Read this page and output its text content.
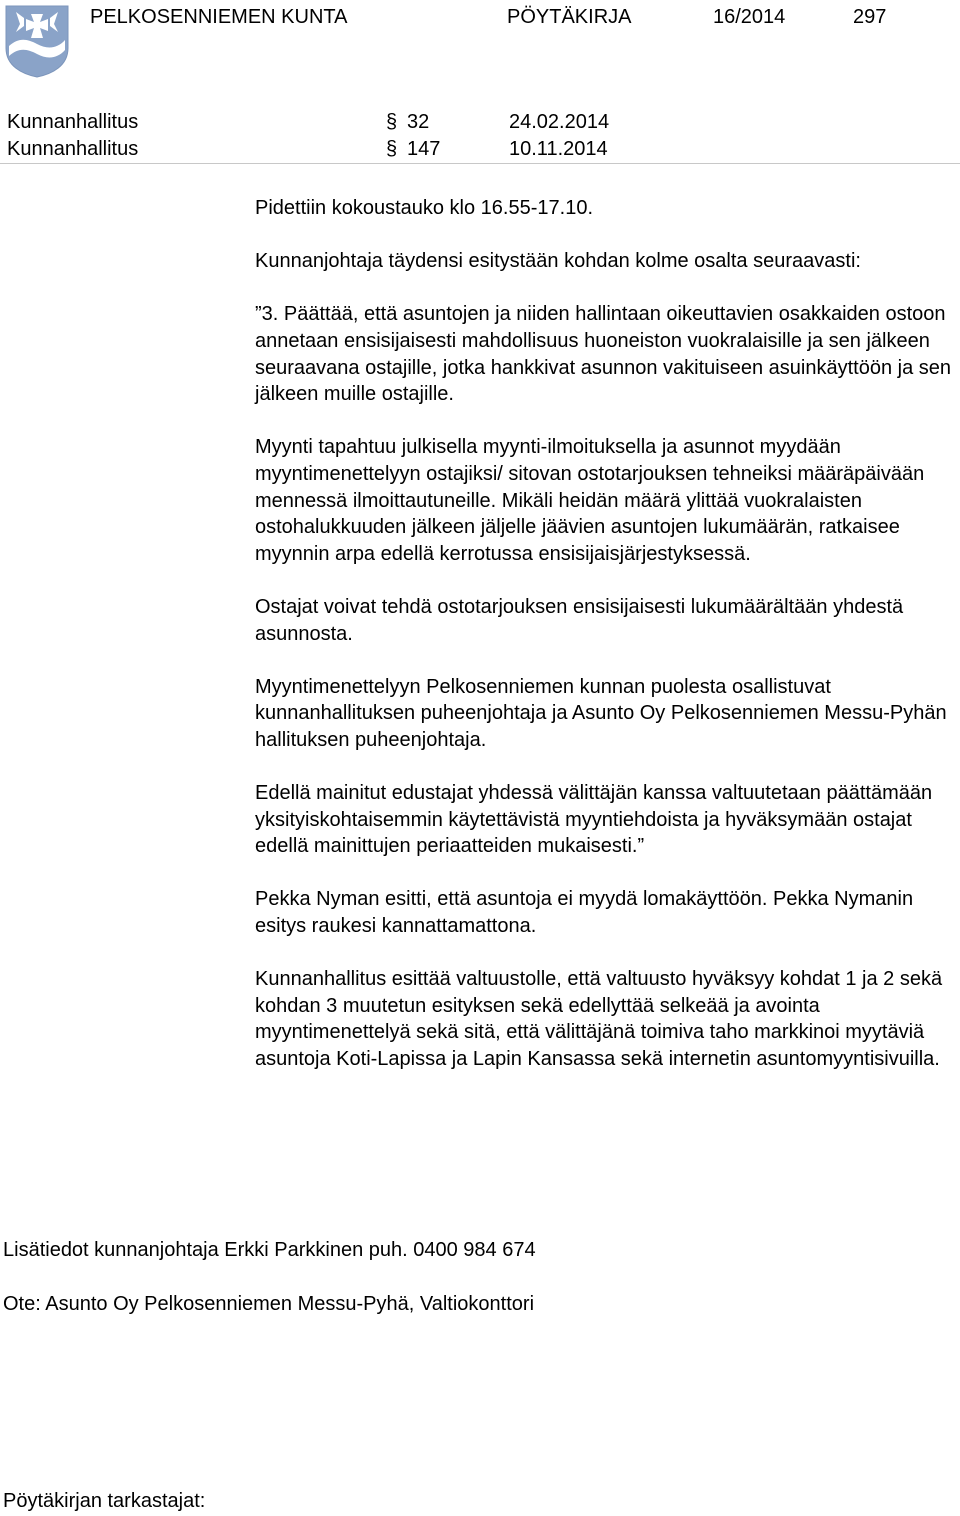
PELKOSENNIEMEN KUNTA	PÖYTÄKIRJA	16/2014	297
Kunnanhallitus	§ 32	24.02.2014
Kunnanhallitus	§ 147	10.11.2014

Pidettiin kokoustauko klo 16.55-17.10.

Kunnanjohtaja täydensi esitystään kohdan kolme osalta seuraavasti:

”3. Päättää, että asuntojen ja niiden hallintaan oikeuttavien osakkaiden ostoon annetaan ensisijaisesti mahdollisuus huoneiston vuokralaisille ja sen jälkeen seuraavana ostajille, jotka hankkivat asunnon vakituiseen asuinkäyttöön ja sen jälkeen muille ostajille.

Myynti tapahtuu julkisella myynti-ilmoituksella ja asunnot myydään myyntimenettelyyn ostajiksi/ sitovan ostotarjouksen tehneiksi määräpäivään mennessä ilmoittautuneille. Mikäli heidän määrä ylittää vuokralaisten ostohalukkuuden jälkeen jäljelle jäävien asuntojen lukumäärän, ratkaisee myynnin arpa edellä kerrotussa ensisijaisjärjestyksessä.

Ostajat voivat tehdä ostotarjouksen ensisijaisesti lukumäärältään yhdestä asunnosta.

Myyntimenettelyyn Pelkosenniemen kunnan puolesta osallistuvat kunnanhallituksen puheenjohtaja ja Asunto Oy Pelkosenniemen Messu-Pyhän hallituksen puheenjohtaja.

Edellä mainitut edustajat yhdessä välittäjän kanssa valtuutetaan päättämään yksityiskohtaisemmin käytettävistä myyntiehdoista ja hyväksymään ostajat edellä mainittujen periaatteiden mukaisesti.”

Pekka Nyman esitti, että asuntoja ei myydä lomakäyttöön. Pekka Nymanin esitys raukesi kannattamattona.

Kunnanhallitus esittää valtuustolle, että valtuusto hyväksyy kohdat 1 ja 2 sekä kohdan 3 muutetun esityksen sekä edellyttää selkeää ja avointa myyntimenettelyä sekä sitä, että välittäjänä toimiva taho markkinoi myytäviä asuntoja Koti-Lapissa ja Lapin Kansassa sekä internetin asuntomyyntisivuilla.

Lisätiedot kunnanjohtaja Erkki Parkkinen puh. 0400 984 674
Ote: Asunto Oy Pelkosenniemen Messu-Pyhä, Valtiokonttori
Pöytäkirjan tarkastajat:
